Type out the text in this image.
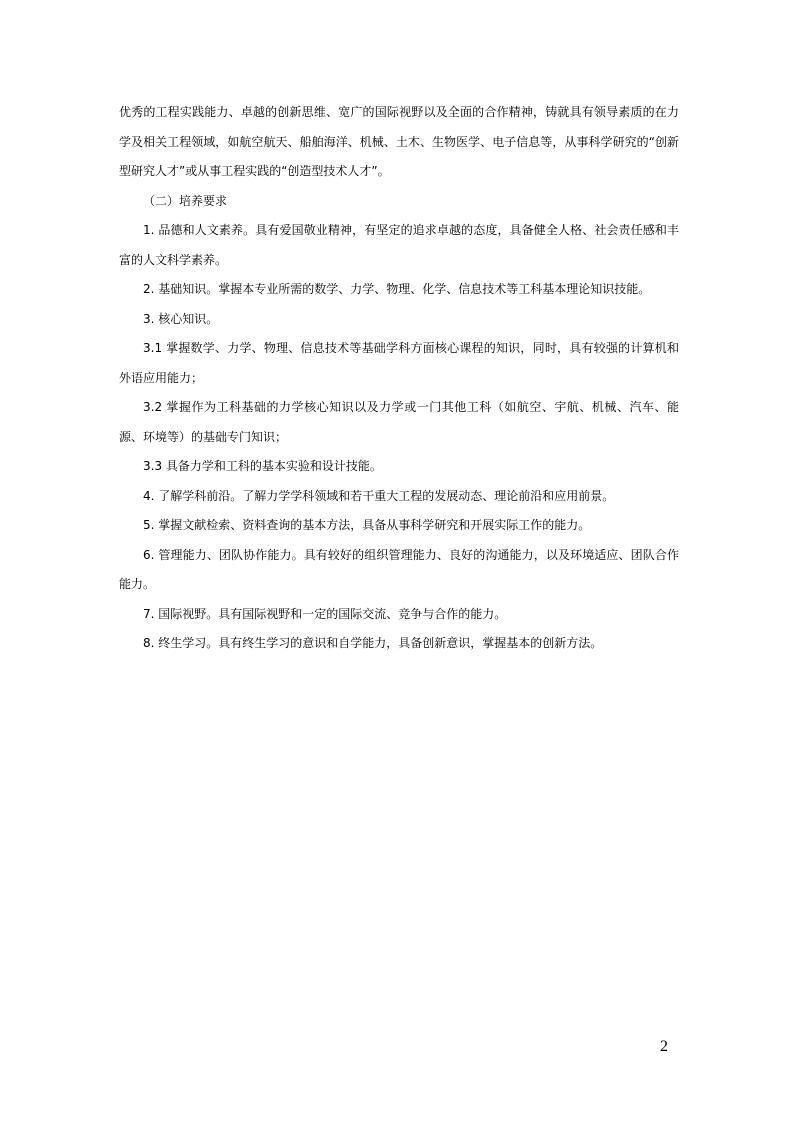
优秀的工程实践能力、卓越的创新思维、宽广的国际视野以及全面的合作精神，铸就具有领导素质的在力学及相关工程领域，如航空航天、船舶海洋、机械、土木、生物医学、电子信息等，从事科学研究的“创新型研究人才”或从事工程实践的“创造型技术人才”。

（二）培养要求

1. 品德和人文素养。具有爱国敬业精神，有坚定的追求卓越的态度，具备健全人格、社会责任感和丰富的人文科学素养。

2. 基础知识。掌握本专业所需的数学、力学、物理、化学、信息技术等工科基本理论知识技能。

3. 核心知识。

3.1 掌握数学、力学、物理、信息技术等基础学科方面核心课程的知识，同时，具有较强的计算机和外语应用能力；

3.2 掌握作为工科基础的力学核心知识以及力学或一门其他工科（如航空、宇航、机械、汽车、能源、环境等）的基础专门知识；

3.3 具备力学和工科的基本实验和设计技能。

4. 了解学科前沿。了解力学学科领域和若干重大工程的发展动态、理论前沿和应用前景。

5. 掌握文献检索、资料查询的基本方法，具备从事科学研究和开展实际工作的能力。

6. 管理能力、团队协作能力。具有较好的组织管理能力、良好的沟通能力，以及环境适应、团队合作能力。

7. 国际视野。具有国际视野和一定的国际交流、竞争与合作的能力。

8. 终生学习。具有终生学习的意识和自学能力，具备创新意识，掌握基本的创新方法。

2
